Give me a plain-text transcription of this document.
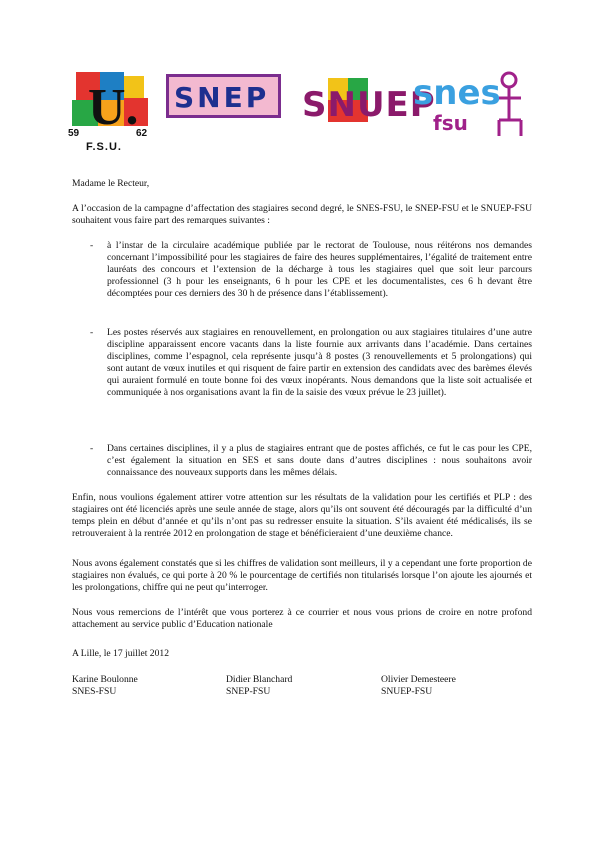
U.
59	62
F.S.U.
SNEP SNUEP
snes
fsu
Madame le Recteur,
A l’occasion de la campagne d’affectation des stagiaires second degré, le SNES-FSU, le SNEP-FSU et le SNUEP-FSU souhaitent vous faire part des remarques suivantes :
- à l’instar de la circulaire académique publiée par le rectorat de Toulouse, nous réitérons nos demandes concernant l’impossibilité pour les stagiaires de faire des heures supplémentaires, l’égalité de traitement entre lauréats des concours et l’extension de la décharge à tous les stagiaires quel que soit leur parcours professionnel (3 h pour les enseignants, 6 h pour les CPE et les documentalistes, ces 6 h devant être décomptées pour ces derniers des 30 h de présence dans l’établissement).
- Les postes réservés aux stagiaires en renouvellement, en prolongation ou aux stagiaires titulaires d’une autre discipline apparaissent encore vacants dans la liste fournie aux arrivants dans l’académie. Dans certaines disciplines, comme l’espagnol, cela représente jusqu’à 8 postes (3 renouvellements et 5 prolongations) qui sont autant de vœux inutiles et qui risquent de faire partir en extension des candidats avec des barèmes élevés qui auraient formulé en toute bonne foi des vœux inopérants. Nous demandons que la liste soit actualisée et communiquée à nos organisations avant la fin de la saisie des vœux prévue le 23 juillet).
- Dans certaines disciplines, il y a plus de stagiaires entrant que de postes affichés, ce fut le cas pour les CPE, c’est également la situation en SES et sans doute dans d’autres disciplines : nous souhaitons avoir connaissance des nouveaux supports dans les mêmes délais.
Enfin, nous voulions également attirer votre attention sur les résultats de la validation pour les certifiés et PLP : des stagiaires ont été licenciés après une seule année de stage, alors qu’ils ont souvent été découragés par la difficulté d’un temps plein en début d’année et qu’ils n’ont pas su redresser ensuite la situation. S’ils avaient été médicalisés, ils se retrouveraient à la rentrée 2012 en prolongation de stage et bénéficieraient d’une deuxième chance.
Nous avons également constatés que si les chiffres de validation sont meilleurs, il y a cependant une forte proportion de stagiaires non évalués, ce qui porte à 20 % le pourcentage de certifiés non titularisés lorsque l’on ajoute les ajournés et les prolongations, chiffre qui ne peut qu’interroger.
Nous vous remercions de l’intérêt que vous porterez à ce courrier et nous vous prions de croire en notre profond attachement au service public d’Education nationale
A Lille, le 17 juillet 2012
Karine Boulonne
SNES-FSU
Didier Blanchard
SNEP-FSU
Olivier Demesteere
SNUEP-FSU
